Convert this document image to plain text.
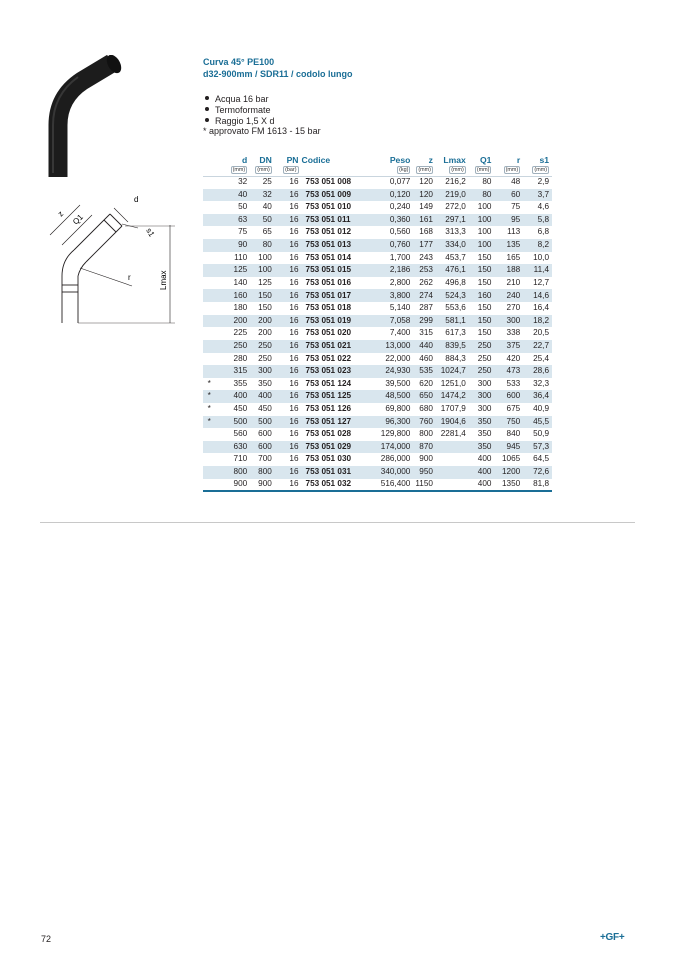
z Q1
d
s1
r	Lmax
Curva 45° PE100
d32-900mm / SDR11 / codolo lungo
Acqua 16 bar
Termoformate
Raggio 1,5 X d
* approvato FM 1613 - 15 bar
	d	DN	PN	Codice	Peso	z	Lmax	Q1	r	s1
	(mm)	(mm)	(bar)		(kg)	(mm)	(mm)	(mm)	(mm)	(mm)
	32	25	16	753 051 008	0,077	120	216,2	80	48	2,9
	40	32	16	753 051 009	0,120	120	219,0	80	60	3,7
	50	40	16	753 051 010	0,240	149	272,0	100	75	4,6
	63	50	16	753 051 011	0,360	161	297,1	100	95	5,8
	75	65	16	753 051 012	0,560	168	313,3	100	113	6,8
	90	80	16	753 051 013	0,760	177	334,0	100	135	8,2
	110	100	16	753 051 014	1,700	243	453,7	150	165	10,0
	125	100	16	753 051 015	2,186	253	476,1	150	188	11,4
	140	125	16	753 051 016	2,800	262	496,8	150	210	12,7
	160	150	16	753 051 017	3,800	274	524,3	160	240	14,6
	180	150	16	753 051 018	5,140	287	553,6	150	270	16,4
	200	200	16	753 051 019	7,058	299	581,1	150	300	18,2
	225	200	16	753 051 020	7,400	315	617,3	150	338	20,5
	250	250	16	753 051 021	13,000	440	839,5	250	375	22,7
	280	250	16	753 051 022	22,000	460	884,3	250	420	25,4
	315	300	16	753 051 023	24,930	535	1024,7	250	473	28,6
*	355	350	16	753 051 124	39,500	620	1251,0	300	533	32,3
*	400	400	16	753 051 125	48,500	650	1474,2	300	600	36,4
*	450	450	16	753 051 126	69,800	680	1707,9	300	675	40,9
*	500	500	16	753 051 127	96,300	760	1904,6	350	750	45,5
	560	600	16	753 051 028	129,800	800	2281,4	350	840	50,9
	630	600	16	753 051 029	174,000	870		350	945	57,3
	710	700	16	753 051 030	286,000	900		400	1065	64,5
	800	800	16	753 051 031	340,000	950		400	1200	72,6
	900	900	16	753 051 032	516,400	1150		400	1350	81,8

72	+GF+
